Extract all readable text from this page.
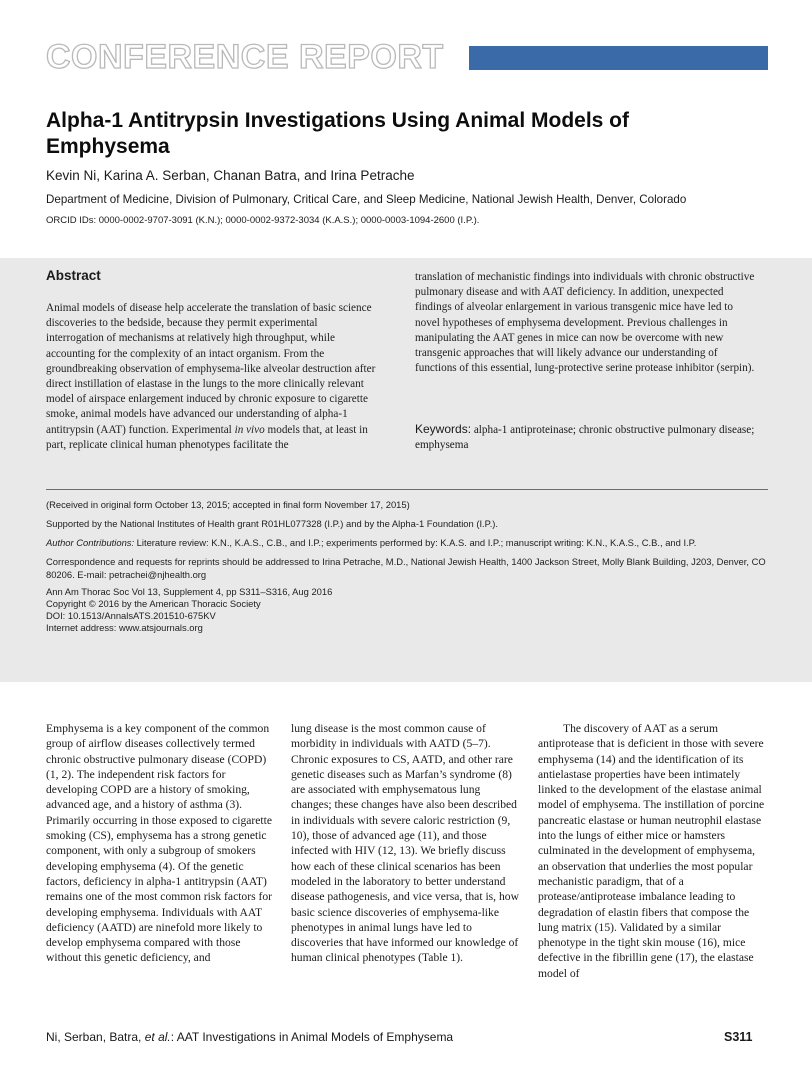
CONFERENCE REPORT
Alpha-1 Antitrypsin Investigations Using Animal Models of Emphysema
Kevin Ni, Karina A. Serban, Chanan Batra, and Irina Petrache
Department of Medicine, Division of Pulmonary, Critical Care, and Sleep Medicine, National Jewish Health, Denver, Colorado
ORCID IDs: 0000-0002-9707-3091 (K.N.); 0000-0002-9372-3034 (K.A.S.); 0000-0003-1094-2600 (I.P.).
Abstract
Animal models of disease help accelerate the translation of basic science discoveries to the bedside, because they permit experimental interrogation of mechanisms at relatively high throughput, while accounting for the complexity of an intact organism. From the groundbreaking observation of emphysema-like alveolar destruction after direct instillation of elastase in the lungs to the more clinically relevant model of airspace enlargement induced by chronic exposure to cigarette smoke, animal models have advanced our understanding of alpha-1 antitrypsin (AAT) function. Experimental in vivo models that, at least in part, replicate clinical human phenotypes facilitate the
translation of mechanistic findings into individuals with chronic obstructive pulmonary disease and with AAT deficiency. In addition, unexpected findings of alveolar enlargement in various transgenic mice have led to novel hypotheses of emphysema development. Previous challenges in manipulating the AAT genes in mice can now be overcome with new transgenic approaches that will likely advance our understanding of functions of this essential, lung-protective serine protease inhibitor (serpin).
Keywords: alpha-1 antiproteinase; chronic obstructive pulmonary disease; emphysema
(Received in original form October 13, 2015; accepted in final form November 17, 2015)
Supported by the National Institutes of Health grant R01HL077328 (I.P.) and by the Alpha-1 Foundation (I.P.).
Author Contributions: Literature review: K.N., K.A.S., C.B., and I.P.; experiments performed by: K.A.S. and I.P.; manuscript writing: K.N., K.A.S., C.B., and I.P.
Correspondence and requests for reprints should be addressed to Irina Petrache, M.D., National Jewish Health, 1400 Jackson Street, Molly Blank Building, J203, Denver, CO 80206. E-mail: petrachei@njhealth.org
Ann Am Thorac Soc Vol 13, Supplement 4, pp S311–S316, Aug 2016
Copyright © 2016 by the American Thoracic Society
DOI: 10.1513/AnnalsATS.201510-675KV
Internet address: www.atsjournals.org
Emphysema is a key component of the common group of airflow diseases collectively termed chronic obstructive pulmonary disease (COPD) (1, 2). The independent risk factors for developing COPD are a history of smoking, advanced age, and a history of asthma (3). Primarily occurring in those exposed to cigarette smoking (CS), emphysema has a strong genetic component, with only a subgroup of smokers developing emphysema (4). Of the genetic factors, deficiency in alpha-1 antitrypsin (AAT) remains one of the most common risk factors for developing emphysema. Individuals with AAT deficiency (AATD) are ninefold more likely to develop emphysema compared with those without this genetic deficiency, and
lung disease is the most common cause of morbidity in individuals with AATD (5–7). Chronic exposures to CS, AATD, and other rare genetic diseases such as Marfan’s syndrome (8) are associated with emphysematous lung changes; these changes have also been described in individuals with severe caloric restriction (9, 10), those of advanced age (11), and those infected with HIV (12, 13). We briefly discuss how each of these clinical scenarios has been modeled in the laboratory to better understand disease pathogenesis, and vice versa, that is, how basic science discoveries of emphysema-like phenotypes in animal lungs have led to discoveries that have informed our knowledge of human clinical phenotypes (Table 1).
The discovery of AAT as a serum antiprotease that is deficient in those with severe emphysema (14) and the identification of its antielastase properties have been intimately linked to the development of the elastase animal model of emphysema. The instillation of porcine pancreatic elastase or human neutrophil elastase into the lungs of either mice or hamsters culminated in the development of emphysema, an observation that underlies the most popular mechanistic paradigm, that of a protease/antiprotease imbalance leading to degradation of elastin fibers that compose the lung matrix (15). Validated by a similar phenotype in the tight skin mouse (16), mice defective in the fibrillin gene (17), the elastase model of
Ni, Serban, Batra, et al.: AAT Investigations in Animal Models of Emphysema	S311
